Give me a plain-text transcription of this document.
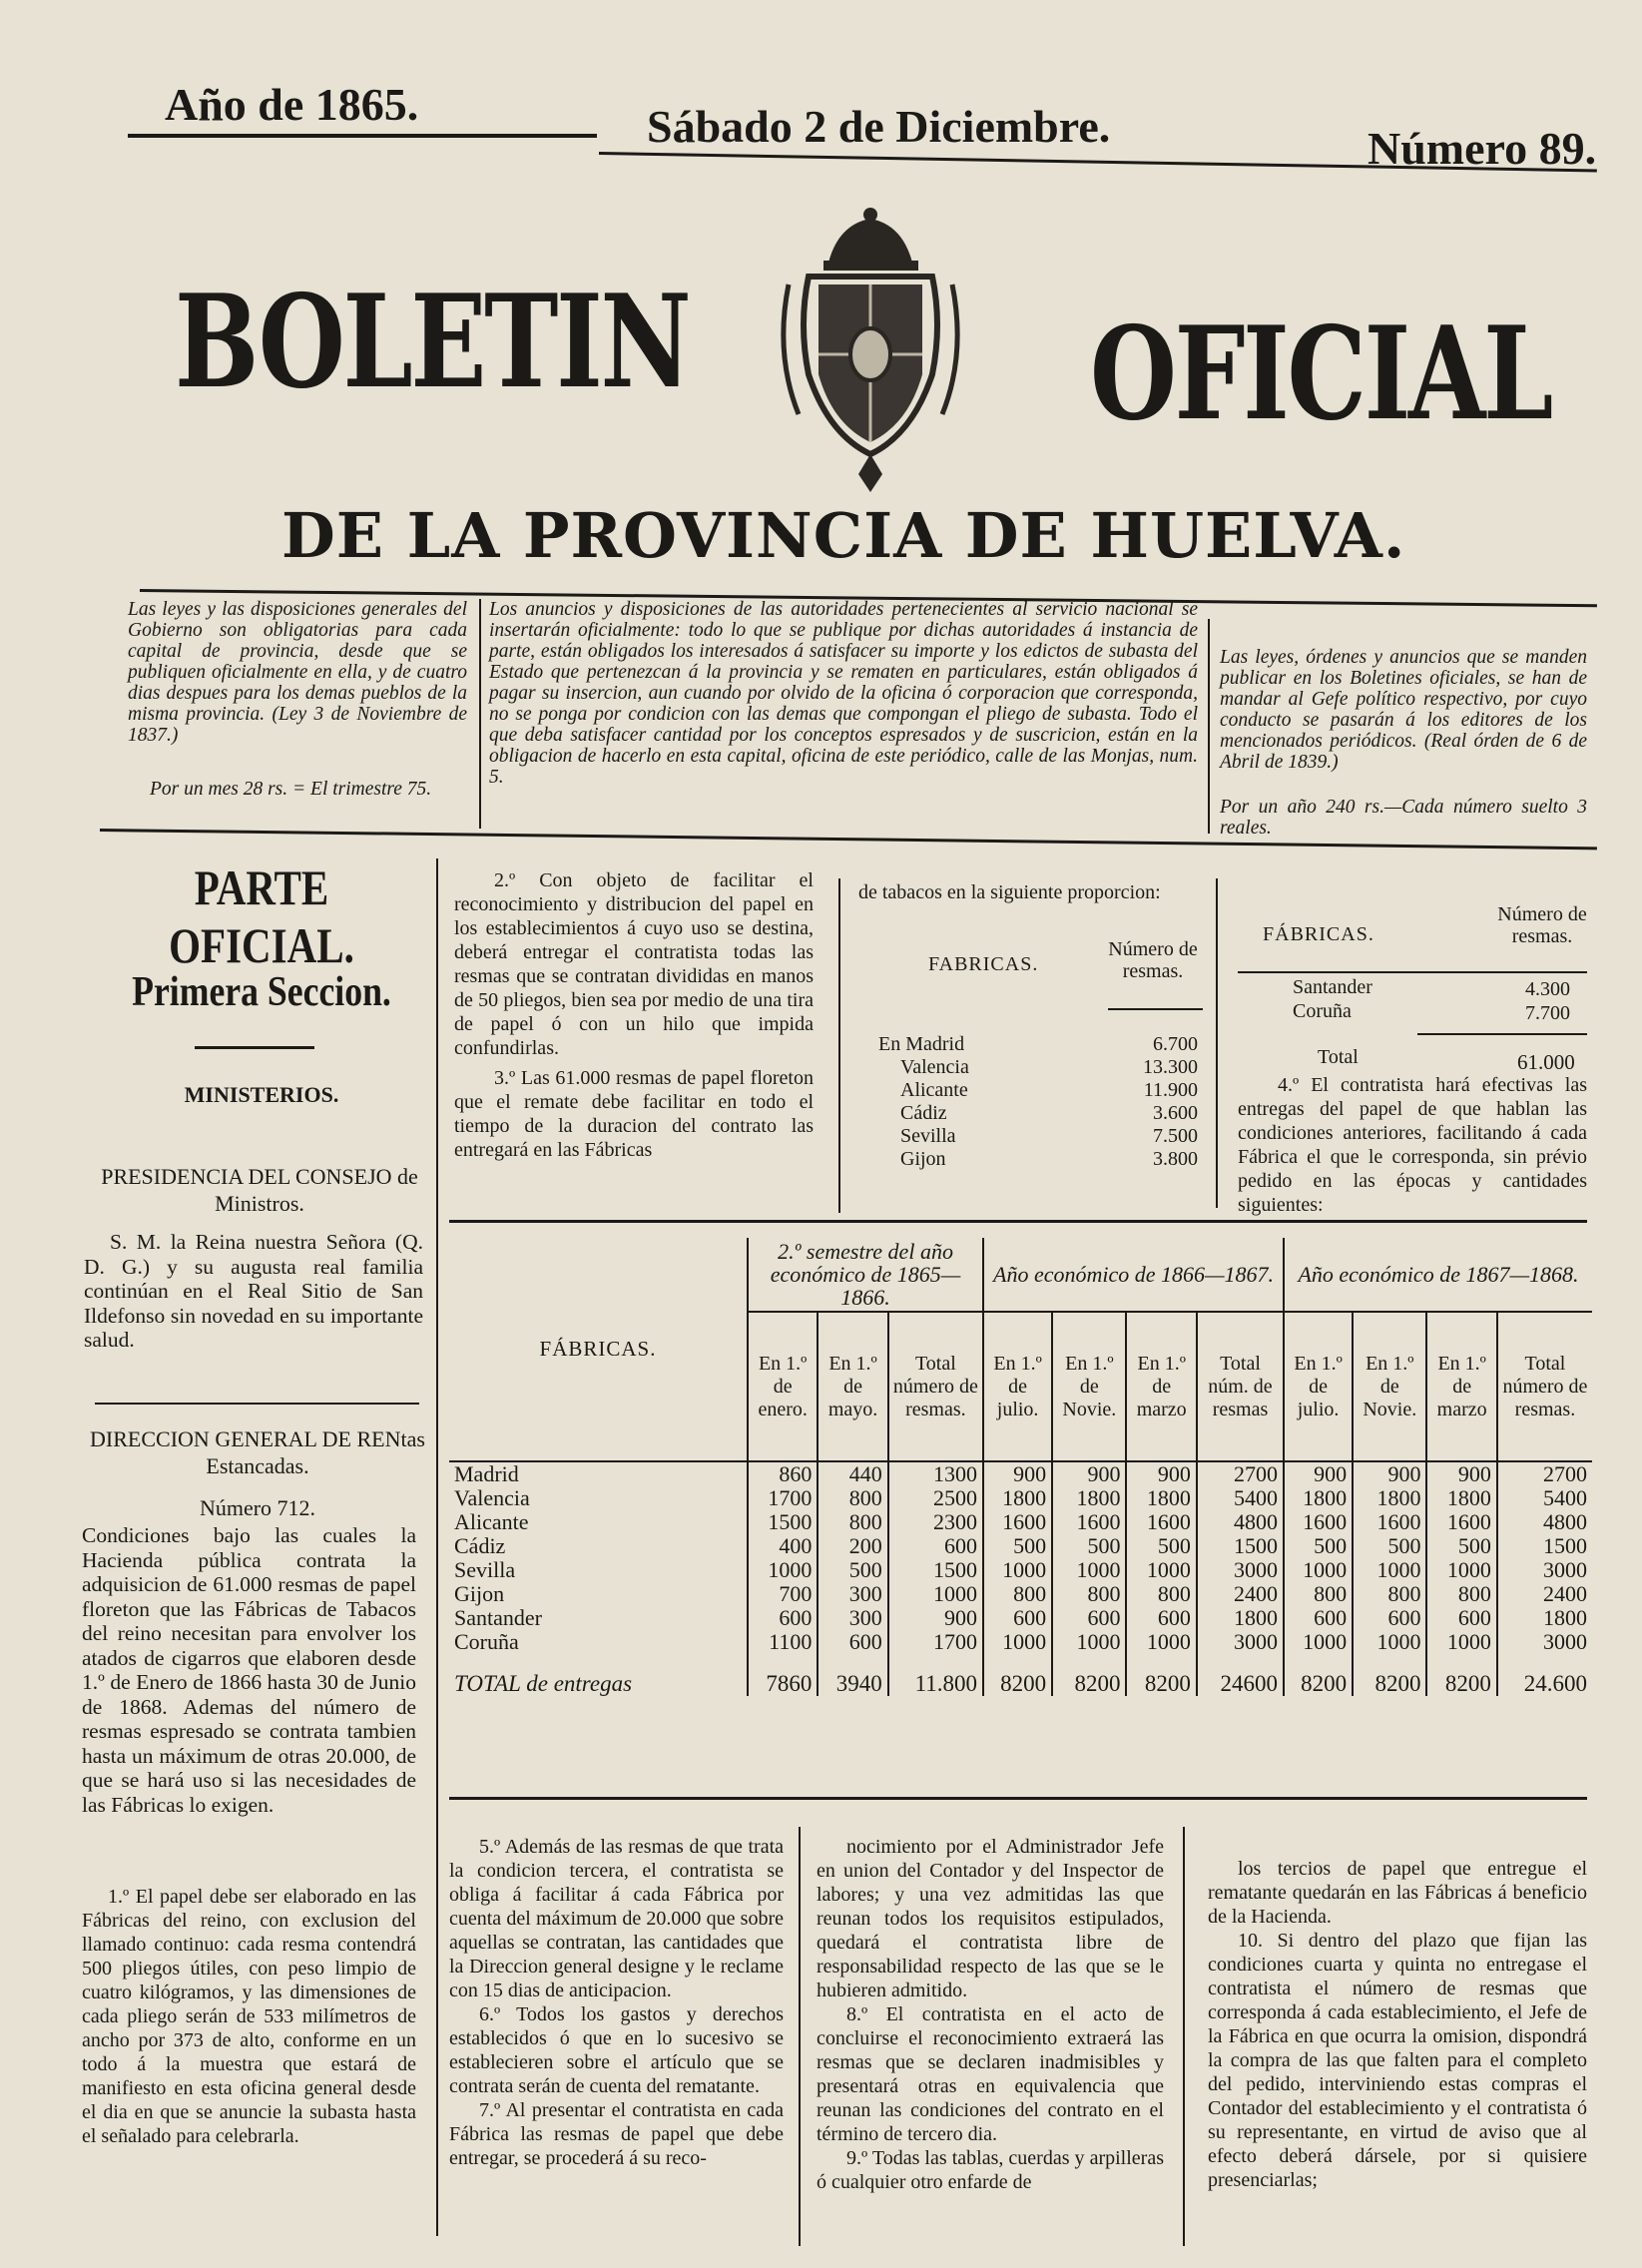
Año de 1865.	Sábado 2 de Diciembre.	Número 89.
BOLETIN	OFICIAL
DE LA PROVINCIA DE HUELVA.
Las leyes y las disposiciones generales del Gobierno son obligatorias para cada capital de provincia, desde que se publiquen oficialmente en ella, y de cuatro dias despues para los demas pueblos de la misma provincia. (Ley 3 de Noviembre de 1837.)
Por un mes 28 rs. = El trimestre 75.
Los anuncios y disposiciones de las autoridades pertenecientes al servicio nacional se insertarán oficialmente: todo lo que se publique por dichas autoridades á instancia de parte, están obligados los interesados á satisfacer su importe y los edictos de subasta del Estado que pertenezcan á la provincia y se rematen en particulares, están obligados á pagar su insercion, aun cuando por olvido de la oficina ó corporacion que corresponda, no se ponga por condicion con las demas que compongan el pliego de subasta. Todo el que deba satisfacer cantidad por los conceptos espresados y de suscricion, están en la obligacion de hacerlo en esta capital, oficina de este periódico, calle de las Monjas, num. 5.
Las leyes, órdenes y anuncios que se manden publicar en los Boletines oficiales, se han de mandar al Gefe político respectivo, por cuyo conducto se pasarán á los editores de los mencionados periódicos. (Real órden de 6 de Abril de 1839.)
Por un año 240 rs.—Cada número suelto 3 reales.
PARTE OFICIAL.
Primera Seccion.
MINISTERIOS.
PRESIDENCIA DEL CONSEJO de Ministros.
S. M. la Reina nuestra Señora (Q. D. G.) y su augusta real familia continúan en el Real Sitio de San Ildefonso sin novedad en su importante salud.
DIRECCION GENERAL DE RENtas Estancadas.
Número 712.
Condiciones bajo las cuales la Hacienda pública contrata la adquisicion de 61.000 resmas de papel floreton que las Fábricas de Tabacos del reino necesitan para envolver los atados de cigarros que elaboren desde 1.º de Enero de 1866 hasta 30 de Junio de 1868. Ademas del número de resmas espresado se contrata tambien hasta un máximum de otras 20.000, de que se hará uso si las necesidades de las Fábricas lo exigen.
1.º El papel debe ser elaborado en las Fábricas del reino, con exclusion del llamado continuo: cada resma contendrá 500 pliegos útiles, con peso limpio de cuatro kilógramos, y las dimensiones de cada pliego serán de 533 milímetros de ancho por 373 de alto, conforme en un todo á la muestra que estará de manifiesto en esta oficina general desde el dia en que se anuncie la subasta hasta el señalado para celebrarla.
2.º Con objeto de facilitar el reconocimiento y distribucion del papel en los establecimientos á cuyo uso se destina, deberá entregar el contratista todas las resmas que se contratan divididas en manos de 50 pliegos, bien sea por medio de una tira de papel ó con un hilo que impida confundirlas.
3.º Las 61.000 resmas de papel floreton que el remate debe facilitar en todo el tiempo de la duracion del contrato las entregará en las Fábricas
de tabacos en la siguiente proporcion:
FABRICAS.
Número de resmas.
En Madrid	6.700
Valencia	13.300
Alicante	11.900
Cádiz	3.600
Sevilla	7.500
Gijon	3.800
FÁBRICAS.
Número de resmas.
Santander	4.300
Coruña	7.700
Total	61.000
4.º El contratista hará efectivas las entregas del papel de que hablan las condiciones anteriores, facilitando á cada Fábrica el que le corresponda, sin prévio pedido en las épocas y cantidades siguientes:
FÁBRICAS.	2.º semestre del año económico de 1865—1866.			Año económico de 1866—1867.				Año económico de 1867—1868.			
	En 1.º de enero.	En 1.º de mayo.	Total número de resmas.	En 1.º de julio.	En 1.º de Novie.	En 1.º de marzo	Total núm. de resmas	En 1.º de julio.	En 1.º de Novie.	En 1.º de marzo	Total número de resmas.
Madrid	860	440	1300	900	900	900	2700	900	900	900	2700
Valencia	1700	800	2500	1800	1800	1800	5400	1800	1800	1800	5400
Alicante	1500	800	2300	1600	1600	1600	4800	1600	1600	1600	4800
Cádiz	400	200	600	500	500	500	1500	500	500	500	1500
Sevilla	1000	500	1500	1000	1000	1000	3000	1000	1000	1000	3000
Gijon	700	300	1000	800	800	800	2400	800	800	800	2400
Santander	600	300	900	600	600	600	1800	600	600	600	1800
Coruña	1100	600	1700	1000	1000	1000	3000	1000	1000	1000	3000
TOTAL de entregas	7860	3940	11.800	8200	8200	8200	24600	8200	8200	8200	24.600
5.º Además de las resmas de que trata la condicion tercera, el contratista se obliga á facilitar á cada Fábrica por cuenta del máximum de 20.000 que sobre aquellas se contratan, las cantidades que la Direccion general designe y le reclame con 15 dias de anticipacion.
6.º Todos los gastos y derechos establecidos ó que en lo sucesivo se establecieren sobre el artículo que se contrata serán de cuenta del rematante.
7.º Al presentar el contratista en cada Fábrica las resmas de papel que debe entregar, se procederá á su reco-
nocimiento por el Administrador Jefe en union del Contador y del Inspector de labores; y una vez admitidas las que reunan todos los requisitos estipulados, quedará el contratista libre de responsabilidad respecto de las que se le hubieren admitido.
8.º El contratista en el acto de concluirse el reconocimiento extraerá las resmas que se declaren inadmisibles y presentará otras en equivalencia que reunan las condiciones del contrato en el término de tercero dia.
9.º Todas las tablas, cuerdas y arpilleras ó cualquier otro enfarde de
los tercios de papel que entregue el rematante quedarán en las Fábricas á beneficio de la Hacienda.
10. Si dentro del plazo que fijan las condiciones cuarta y quinta no entregase el contratista el número de resmas que corresponda á cada establecimiento, el Jefe de la Fábrica en que ocurra la omision, dispondrá la compra de las que falten para el completo del pedido, interviniendo estas compras el Contador del establecimiento y el contratista ó su representante, en virtud de aviso que al efecto deberá dársele, por si quisiere presenciarlas;
